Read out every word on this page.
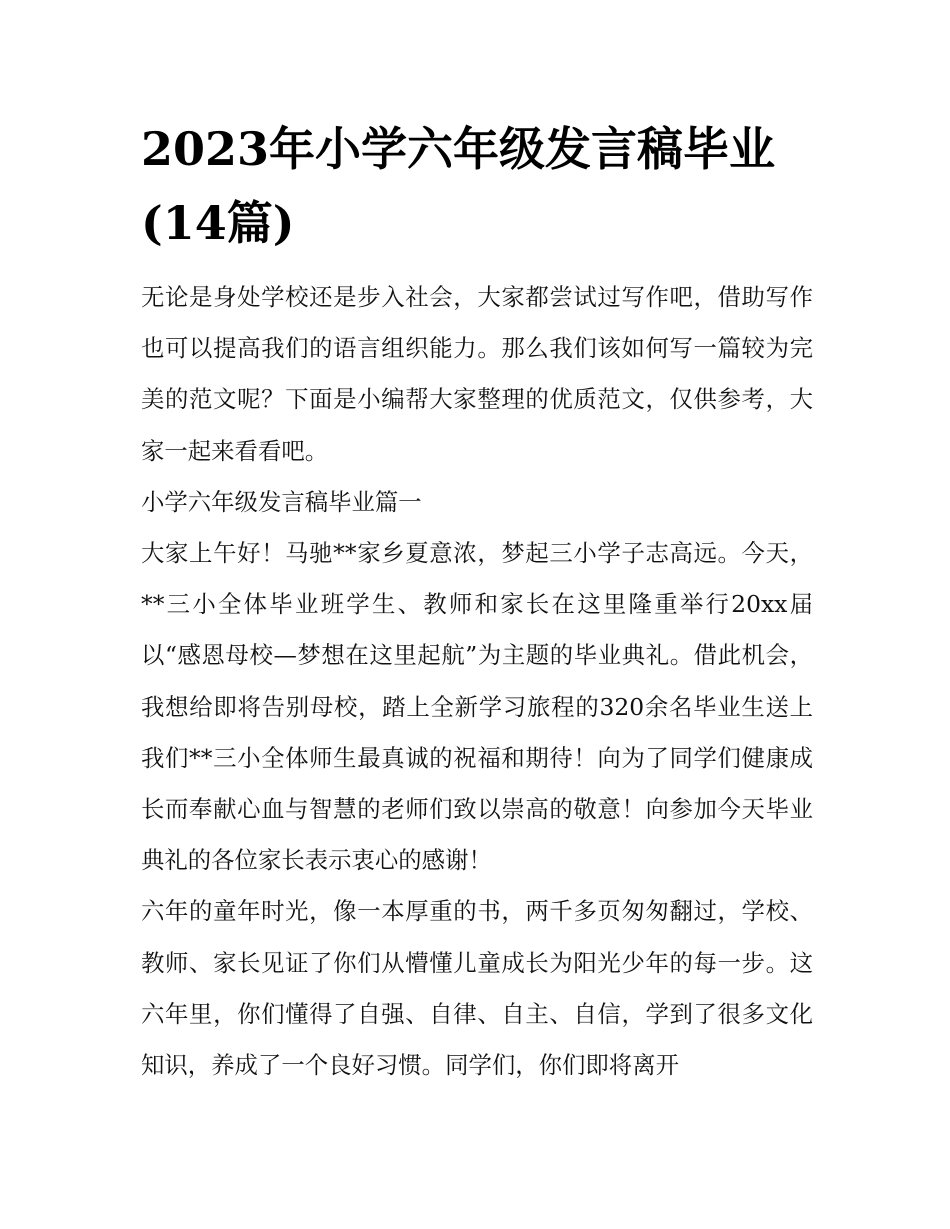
2023年小学六年级发言稿毕业(14篇)

无论是身处学校还是步入社会，大家都尝试过写作吧，借助写作也可以提高我们的语言组织能力。那么我们该如何写一篇较为完美的范文呢？下面是小编帮大家整理的优质范文，仅供参考，大家一起来看看吧。

小学六年级发言稿毕业篇一

大家上午好！马驰**家乡夏意浓，梦起三小学子志高远。今天，**三小全体毕业班学生、教师和家长在这里隆重举行20xx届以“感恩母校—梦想在这里起航”为主题的毕业典礼。借此机会，我想给即将告别母校，踏上全新学习旅程的320余名毕业生送上我们**三小全体师生最真诚的祝福和期待！向为了同学们健康成长而奉献心血与智慧的老师们致以崇高的敬意！向参加今天毕业典礼的各位家长表示衷心的感谢！

六年的童年时光，像一本厚重的书，两千多页匆匆翻过，学校、教师、家长见证了你们从懵懂儿童成长为阳光少年的每一步。这六年里，你们懂得了自强、自律、自主、自信，学到了很多文化知识，养成了一个良好习惯。同学们，你们即将离开
